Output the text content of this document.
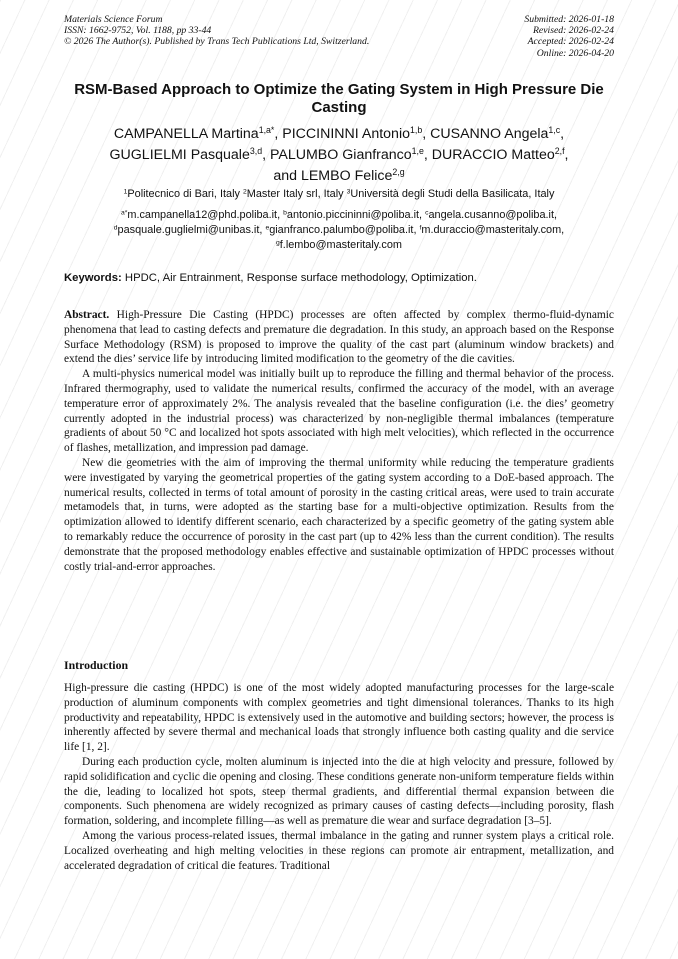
Materials Science Forum
ISSN: 1662-9752, Vol. 1188, pp 33-44
© 2026 The Author(s). Published by Trans Tech Publications Ltd, Switzerland.
Submitted: 2026-01-18
Revised: 2026-02-24
Accepted: 2026-02-24
Online: 2026-04-20
RSM-Based Approach to Optimize the Gating System in High Pressure Die Casting
CAMPANELLA Martina$^{1,a*}$, PICCININNI Antonio$^{1,b}$, CUSANNO Angela$^{1,c}$,
GUGLIELMI Pasquale$^{3,d}$, PALUMBO Gianfranco$^{1,e}$, DURACCIO Matteo$^{2,f}$,
and LEMBO Felice$^{2,g}$
$^1$Politecnico di Bari, Italy $^2$Master Italy srl, Italy $^3$Università degli Studi della Basilicata, Italy
$^{a*}$m.campanella12@phd.poliba.it, $^b$antonio.piccininni@poliba.it, $^c$angela.cusanno@poliba.it,
$^d$pasquale.guglielmi@unibas.it, $^e$gianfranco.palumbo@poliba.it, $^f$m.duraccio@masteritaly.com,
$^g$f.lembo@masteritaly.com
Keywords: HPDC, Air Entrainment, Response surface methodology, Optimization.

Abstract. High-Pressure Die Casting (HPDC) processes are often affected by complex thermo-fluid-dynamic phenomena that lead to casting defects and premature die degradation. In this study, an approach based on the Response Surface Methodology (RSM) is proposed to improve the quality of the cast part (aluminum window brackets) and extend the dies’ service life by introducing limited modification to the geometry of the die cavities.

A multi-physics numerical model was initially built up to reproduce the filling and thermal behavior of the process. Infrared thermography, used to validate the numerical results, confirmed the accuracy of the model, with an average temperature error of approximately 2%. The analysis revealed that the baseline configuration (i.e. the dies’ geometry currently adopted in the industrial process) was characterized by non-negligible thermal imbalances (temperature gradients of about 50 °C and localized hot spots associated with high melt velocities), which reflected in the occurrence of flashes, metallization, and impression pad damage.

New die geometries with the aim of improving the thermal uniformity while reducing the temperature gradients were investigated by varying the geometrical properties of the gating system according to a DoE-based approach. The numerical results, collected in terms of total amount of porosity in the casting critical areas, were used to train accurate metamodels that, in turns, were adopted as the starting base for a multi-objective optimization. Results from the optimization allowed to identify different scenario, each characterized by a specific geometry of the gating system able to remarkably reduce the occurrence of porosity in the cast part (up to 42% less than the current condition). The results demonstrate that the proposed methodology enables effective and sustainable optimization of HPDC processes without costly trial-and-error approaches.

Introduction

High-pressure die casting (HPDC) is one of the most widely adopted manufacturing processes for the large-scale production of aluminum components with complex geometries and tight dimensional tolerances. Thanks to its high productivity and repeatability, HPDC is extensively used in the automotive and building sectors; however, the process is inherently affected by severe thermal and mechanical loads that strongly influence both casting quality and die service life [1, 2].

During each production cycle, molten aluminum is injected into the die at high velocity and pressure, followed by rapid solidification and cyclic die opening and closing. These conditions generate non-uniform temperature fields within the die, leading to localized hot spots, steep thermal gradients, and differential thermal expansion between die components. Such phenomena are widely recognized as primary causes of casting defects—including porosity, flash formation, soldering, and incomplete filling—as well as premature die wear and surface degradation [3–5].

Among the various process-related issues, thermal imbalance in the gating and runner system plays a critical role. Localized overheating and high melting velocities in these regions can promote air entrapment, metallization, and accelerated degradation of critical die features. Traditional
